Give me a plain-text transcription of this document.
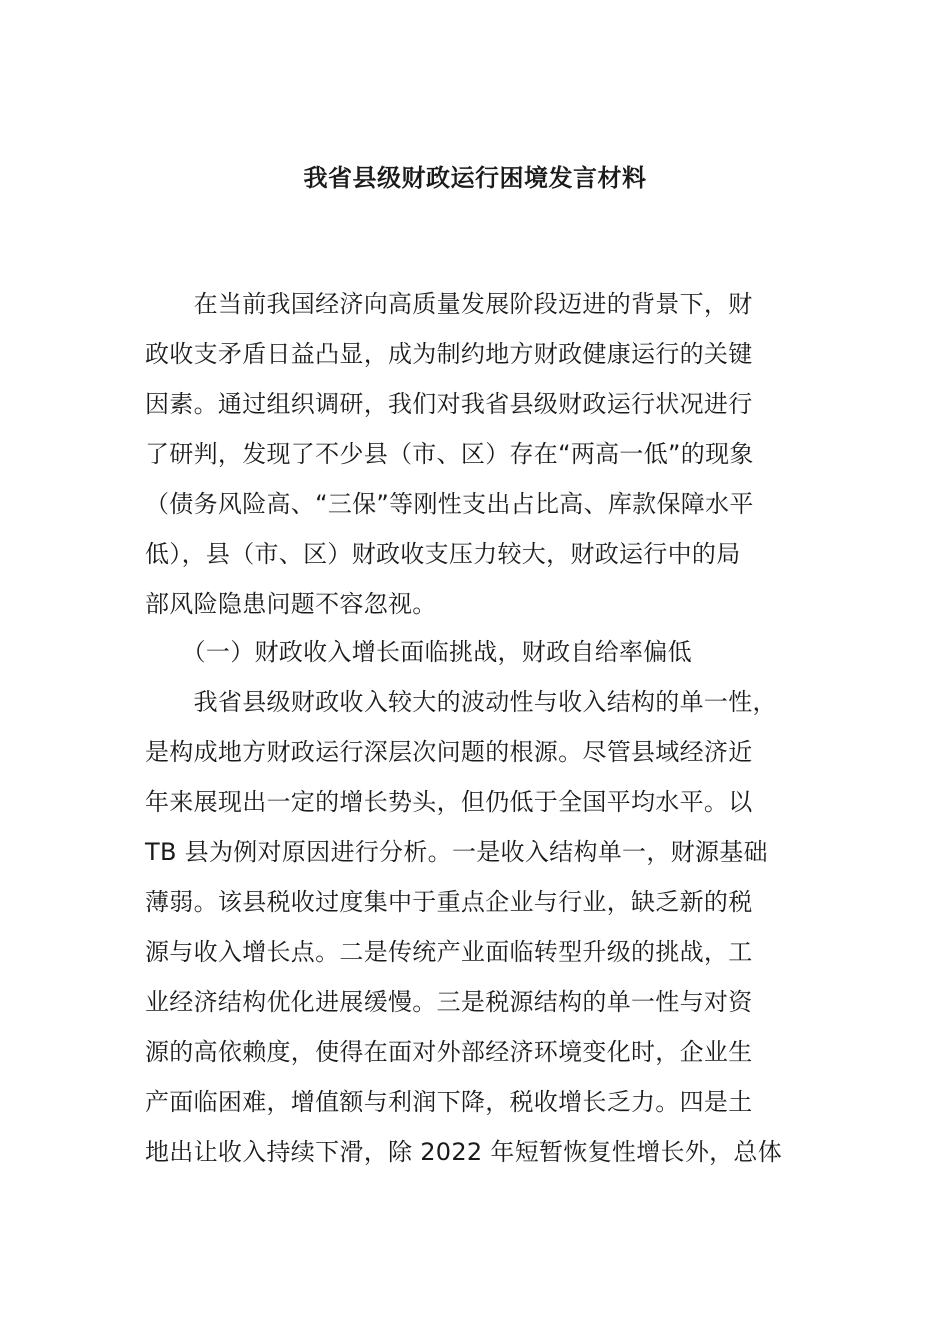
我省县级财政运行困境发言材料
　　在当前我国经济向高质量发展阶段迈进的背景下，财
政收支矛盾日益凸显，成为制约地方财政健康运行的关键
因素。通过组织调研，我们对我省县级财政运行状况进行
了研判，发现了不少县（市、区）存在“两高一低”的现象
（债务风险高、“三保”等刚性支出占比高、库款保障水平
低），县（市、区）财政收支压力较大，财政运行中的局
部风险隐患问题不容忽视。
　　（一）财政收入增长面临挑战，财政自给率偏低
　　我省县级财政收入较大的波动性与收入结构的单一性，
是构成地方财政运行深层次问题的根源。尽管县域经济近
年来展现出一定的增长势头，但仍低于全国平均水平。以
TB 县为例对原因进行分析。一是收入结构单一，财源基础
薄弱。该县税收过度集中于重点企业与行业，缺乏新的税
源与收入增长点。二是传统产业面临转型升级的挑战，工
业经济结构优化进展缓慢。三是税源结构的单一性与对资
源的高依赖度，使得在面对外部经济环境变化时，企业生
产面临困难，增值额与利润下降，税收增长乏力。四是土
地出让收入持续下滑，除 2022 年短暂恢复性增长外，总体
